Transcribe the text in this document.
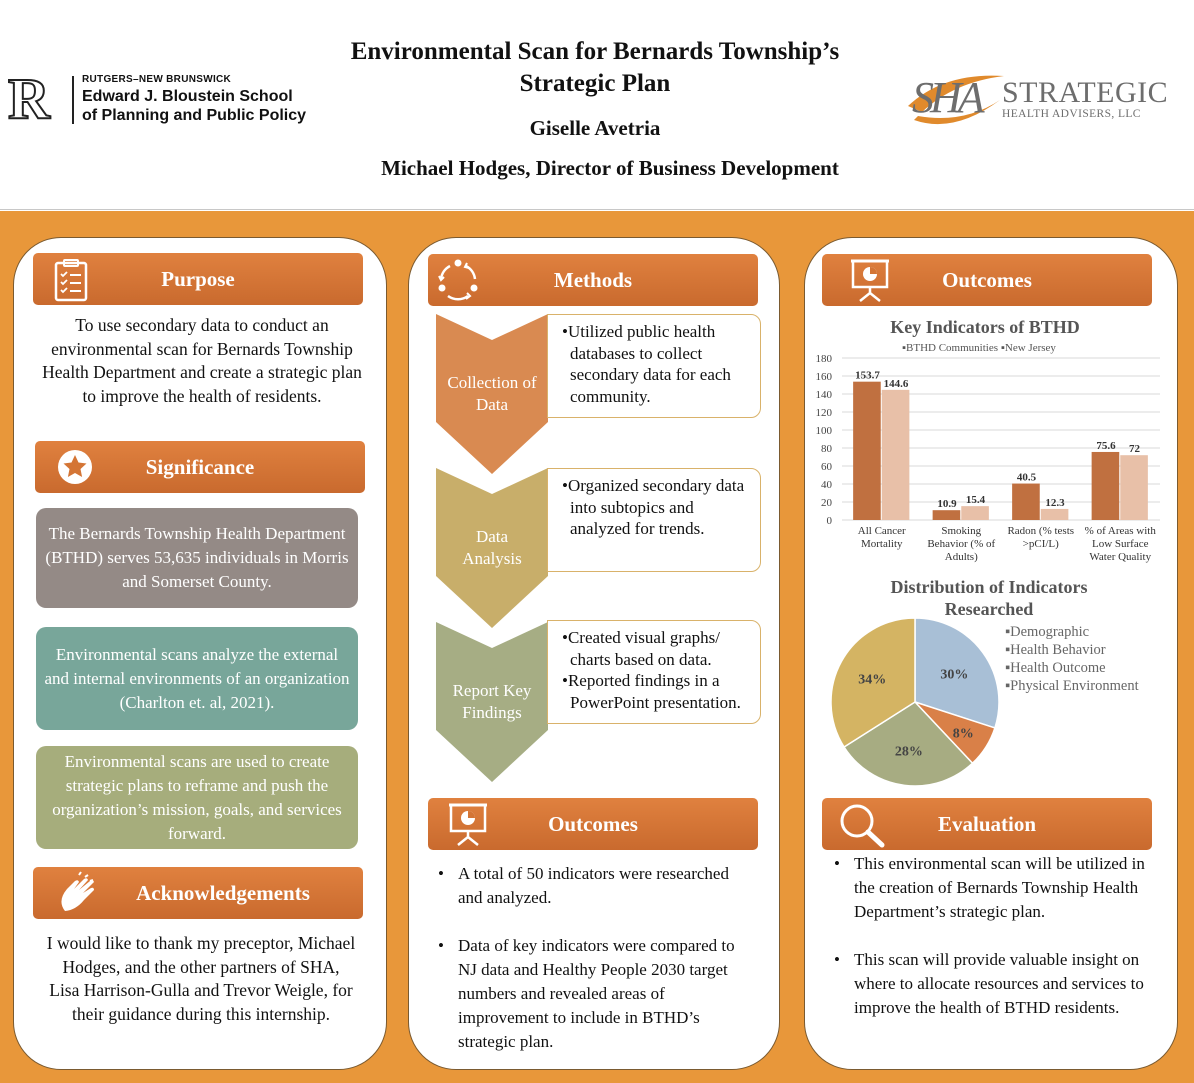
R	RUTGERS–NEW BRUNSWICK
Edward J. Bloustein School
of Planning and Public Policy
Environmental Scan for Bernards Township’s
Strategic Plan
Giselle Avetria
Michael Hodges, Director of Business Development
SHA STRATEGIC
HEALTH ADVISERS, LLC
Purpose
To use secondary data to conduct an environmental scan for Bernards Township Health Department and create a strategic plan to improve the health of residents.
Significance
The Bernards Township Health Department (BTHD) serves 53,635 individuals in Morris and Somerset County.
Environmental scans analyze the external and internal environments of an organization (Charlton et. al, 2021).
Environmental scans are used to create strategic plans to reframe and push the organization’s mission, goals, and services forward.
Acknowledgements
I would like to thank my preceptor, Michael Hodges, and the other partners of SHA, Lisa Harrison-Gulla and Trevor Weigle, for their guidance during this internship.
Methods
Collection of
Data
•Utilized public health databases to collect secondary data for each community.
Data
Analysis
•Organized secondary data into subtopics and analyzed for trends.
Report Key
Findings
•Created visual graphs/ charts based on data.
•Reported findings in a PowerPoint presentation.
Outcomes
• A total of 50 indicators were researched and analyzed.
• Data of key indicators were compared to NJ data and Healthy People 2030 target numbers and revealed areas of improvement to include in BTHD’s strategic plan.
Outcomes
Key Indicators of BTHD
▪BTHD Communities ▪New Jersey
0
20
40
60
80
100
120
140
160
180
153.7
144.6
All Cancer
Mortality
10.9 15.4
Smoking
Behavior (% of
Adults)
40.5
12.3
Radon (% tests
>pCI/L)
75.6 72
% of Areas with
Low Surface
Water Quality
Distribution of Indicators
Researched
30%
8%
28%
34%
▪Demographic
▪Health Behavior
▪Health Outcome
▪Physical Environment
Evaluation
• This environmental scan will be utilized in the creation of Bernards Township Health Department’s strategic plan.
• This scan will provide valuable insight on where to allocate resources and services to improve the health of BTHD residents.
